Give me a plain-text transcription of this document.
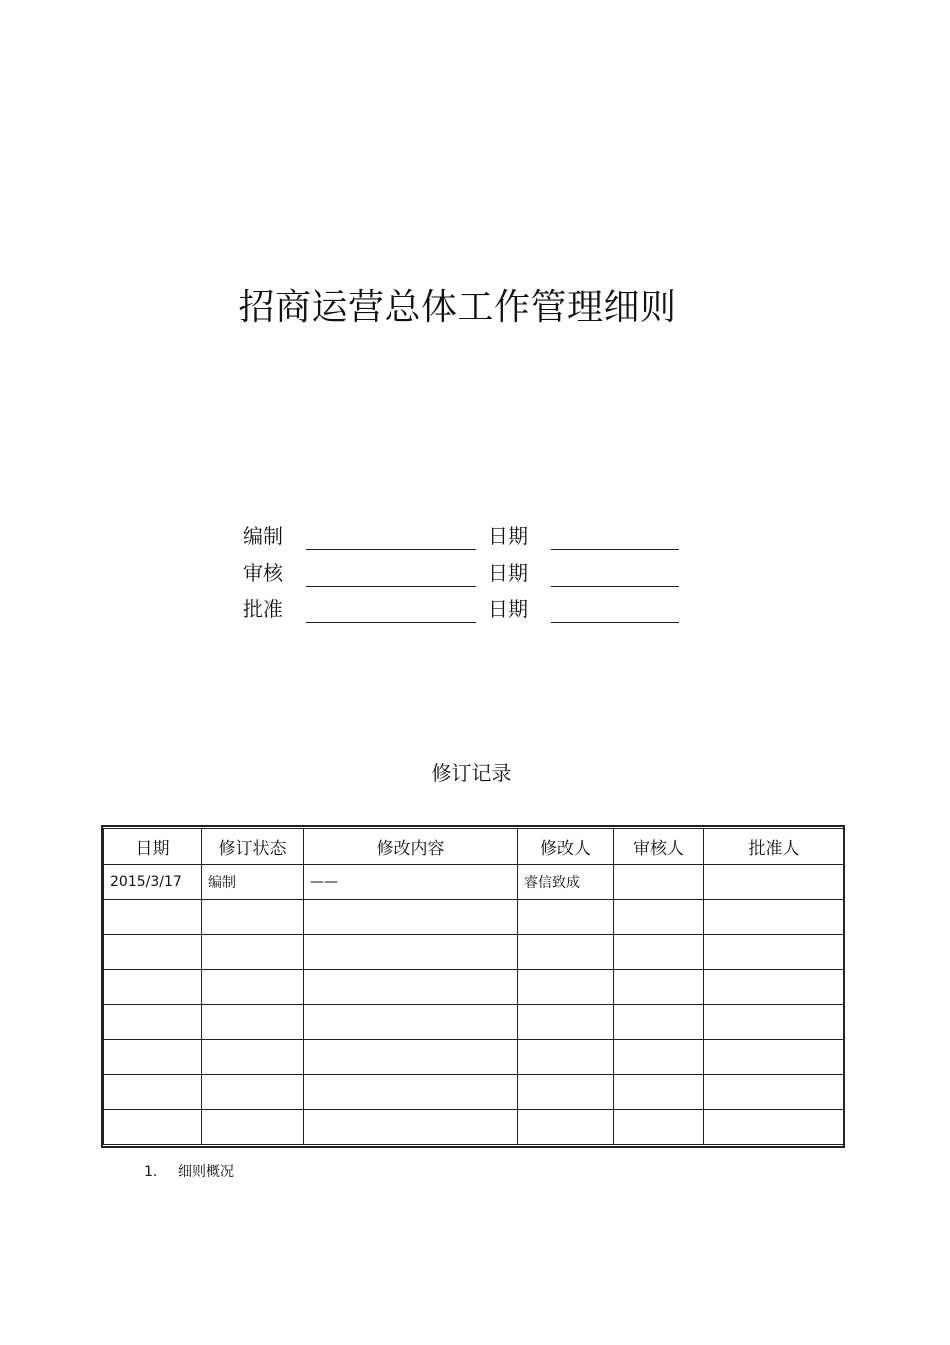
招商运营总体工作管理细则
编制	日期
审核	日期
批准	日期
修订记录
日期	修订状态	修改内容	修改人	审核人	批准人
2015/3/17	编制	——	睿信致成		

1. 细则概况
